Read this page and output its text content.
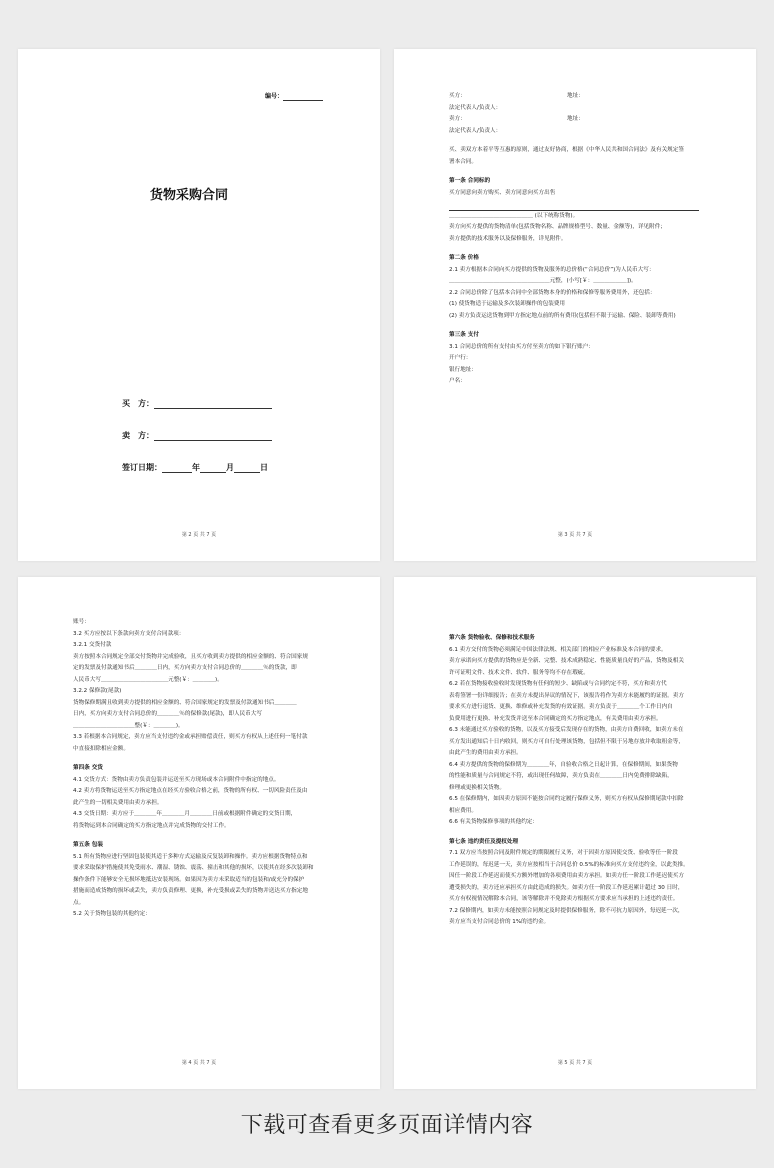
编号：
货物采购合同
买　方：
卖　方：
签订日期：	年	月	日
第 2 页 共 7 页

买方：	地址：

法定代表人/负责人：

卖方：	地址：

法定代表人/负责人：

买、卖双方本着平等互惠的原则，通过友好协商，根据《中华人民共和国合同法》及有关规定签

署本合同。

第一条 合同标的

买方同意向卖方购买、卖方同意向买方出售

＿＿＿＿＿＿＿＿＿＿＿＿＿＿＿ (以下统称货物)。

卖方向买方提供的货物清单(包括货物名称、品牌规格型号、数量、金额等)，详见附件；

卖方提供的技术服务以及保修服务，详见附件。

第二条 价格

2.1 卖方根据本合同向买方提供的货物及服务的总价格(“合同总价”)为人民币大写：

＿＿＿＿＿＿＿＿＿＿＿＿＿＿＿＿＿＿元整，(小写[￥：＿＿＿＿＿＿])。

2.2 合同总价除了包括本合同中全部货物本身的价格和保修等服务费用外，还包括：

(1) 使货物适于运输及多次装卸操作的包装费用

(2) 卖方负责运送货物到甲方指定地点前的所有费用(包括但不限于运输、保险、装卸等费用)

第三条 支付

3.1 合同总价的所有支付由买方付至卖方的如下银行账户：

开户行：

银行地址：

户名：

第 3 页 共 7 页

账号：

3.2 买方应按以下条款向卖方支付合同款项：

3.2.1 交货付款

卖方按照本合同规定全部交付货物并完成验收，且买方收到卖方提供的相应金额的、符合国家规

定的发票及付款通知书后＿＿＿＿日内，买方向卖方支付合同总价的＿＿＿＿％的货款，即

人民币大写＿＿＿＿＿＿＿＿＿＿＿＿元整(￥：＿＿＿＿)。

3.2.2 保修款(尾款)

货物保修期满且收到卖方提供的相应金额的、符合国家规定的发票及付款通知书后＿＿＿＿

日内，买方向卖方支付合同总价的＿＿＿＿％的保修款(尾款)，即人民币大写

＿＿＿＿＿＿＿＿＿＿＿整(￥：＿＿＿＿)。

3.3 若根据本合同规定，卖方应当支付违约金或承担赔偿责任，则买方有权从上述任何一笔付款

中直接扣除相应金额。

第四条 交货

4.1 交货方式：货物由卖方负责包装并运送至买方现场或本合同附件中指定的地点。

4.2 卖方将货物运送至买方指定地点在经买方验收合格之前，货物的所有权、一切风险责任及由

此产生的一切相关费用由卖方承担。

4.3 交货日期：卖方应于＿＿＿＿年＿＿＿＿月＿＿＿＿日前或根据附件确定的交货日期，

将货物运到本合同确定的买方指定地点并完成货物的交付工作。

第五条 包装

5.1 所有货物应进行坚固包装使其适于多种方式运输及反复装卸和操作。卖方应根据货物特点和

要求采取保护措施使其免受雨水、潮湿、锈蚀、震荡、撞击和其他的损坏，以使其在经多次装卸和

操作条件下能够安全无损坏地抵达安装现场。如果因为卖方未采取适当的包装和/或充分的保护

措施而造成货物的损坏或丢失，卖方负责修理、更换，补充受损或丢失的货物并送达买方指定地

点。

5.2 关于货物包装的其他约定：

第 4 页 共 7 页

第六条 货物验收、保修和技术服务

6.1 卖方交付的货物必须满足中国法律法规、相关部门的相应产业标准及本合同的要求。

卖方承诺向买方提供的货物应是全新、完整、技术成熟稳定、性能质量良好的产品，货物及相关

许可证明文件、技术文件、软件、服务等均不存在瑕疵。

6.2 若在货物接收验收时发现货物有任何的短少、缺陷或与合同约定不符，买方和卖方代

表将签署一份详细报告；在卖方未提出异议的情况下，该报告将作为卖方未能履约的证据。卖方

要求买方进行退货、更换、维修或补充发货的有效证据。卖方负责于＿＿＿＿个工作日内自

负费用进行更换、补充发货并送至本合同确定的买方指定地点，有关费用由卖方承担。

6.3 未能通过买方验收的货物，以及买方接受后发现存在的货物，由卖方自费回收，如卖方未在

买方发出通知后十日内收回，则买方可自行处理该货物，包括但不限于另地存放并收取租金等，

由此产生的费用由卖方承担。

6.4 卖方提供的货物的保修期为＿＿＿＿年，自验收合格之日起计算，在保修期间，如果货物

的性能和质量与合同规定不符，或出现任何故障，卖方负责在＿＿＿＿日内免费排除缺陷，

修理或更换相关货物。

6.5 在保修期内，如因卖方原因不能按合同约定履行保修义务，则买方有权从保修期尾款中扣除

相应费用。

6.6 有关货物保修事项的其他约定：

第七条 违约责任及提权处理

7.1 双方应当按照合同及附件规定的期限履行义务，对于因卖方原因使交货、验收等任一阶段

工作延误的，每迟延一天，卖方应按相当于合同总价 0.5%的标准向买方支付违约金，以此类推。

因任一阶段工作延迟而使买方额外增加的各项费用由卖方承担。如卖方任一阶段工作延迟使买方

遭受损失的，卖方还应承担买方由此造成的损失。如卖方任一阶段工作延迟累计超过 30 日时，

买方有权视情况解除本合同，该等解除并不免除卖方根据买方要求应当承担的上述违约责任。

7.2 保修期内，如卖方未能按照合同规定及时提供保修服务，除不可抗力原因外，每迟延一次，

卖方应当支付合同总价的 1%的违约金。

第 5 页 共 7 页
下载可查看更多页面详情内容
